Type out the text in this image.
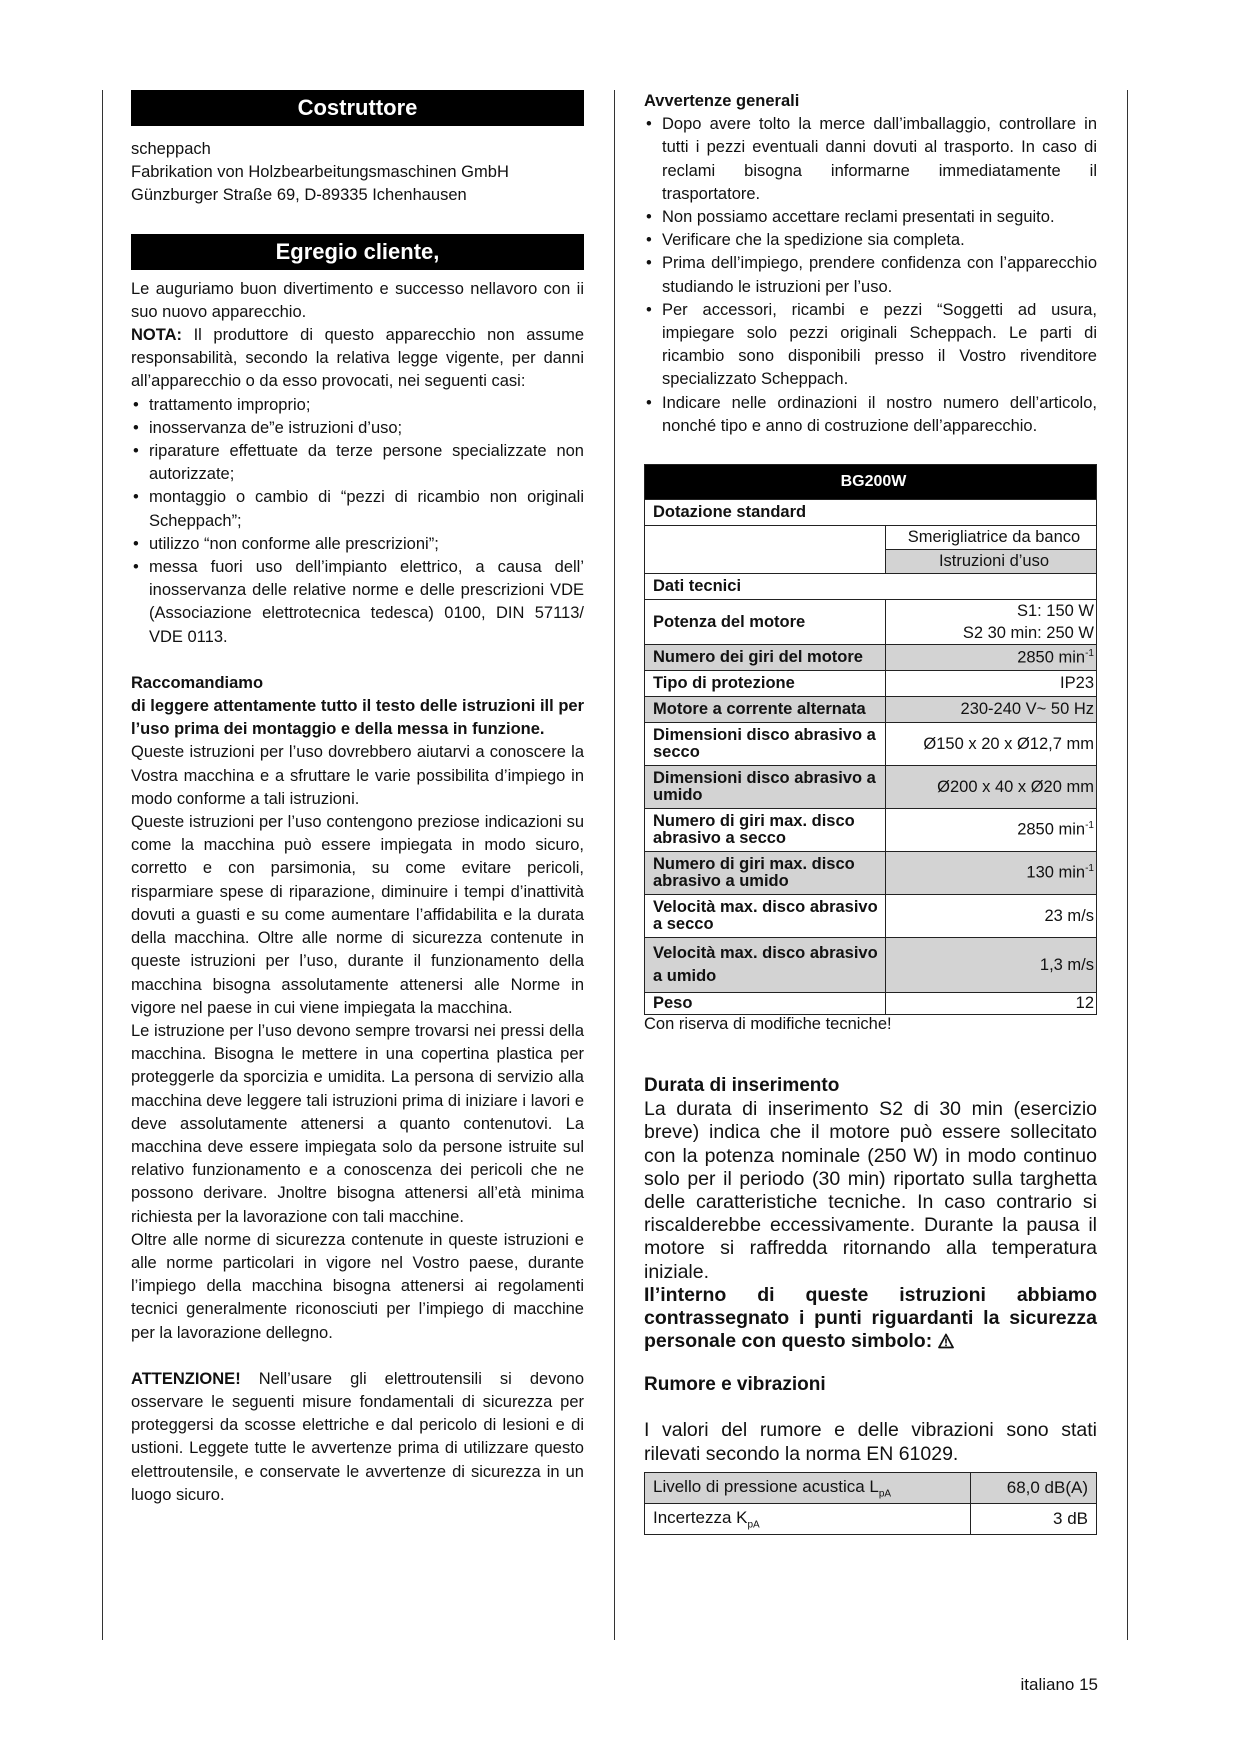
Costruttore

scheppach

Fabrikation von Holzbearbeitungsmaschinen GmbH

Günzburger Straße 69, D-89335 Ichenhausen

Egregio cliente,

Le auguriamo buon divertimento e successo nellavoro con ii suo nuovo apparecchio.

NOTA: Il produttore di questo apparecchio non assume responsabilità, secondo la relativa legge vigente, per danni all’apparecchio o da esso provocati, nei seguenti casi:

• trattamento improprio;
• inosservanza de”e istruzioni d’uso;
• riparature effettuate da terze persone specializzate non autorizzate;
• montaggio o cambio di “pezzi di ricambio non originali Scheppach”;
• utilizzo “non conforme alle prescrizioni”;
• messa fuori uso dell’impianto elettrico, a causa dell’ inosservanza delle relative norme e delle prescrizioni VDE (Associazione elettrotecnica tedesca) 0100, DIN 57113/ VDE 0113.

Raccomandiamo

di leggere attentamente tutto il testo delle istruzioni ill per l’uso prima dei montaggio e della messa in funzione.

Queste istruzioni per l’uso dovrebbero aiutarvi a conoscere la Vostra macchina e a sfruttare le varie possibilita d’impiego in modo conforme a tali istruzioni.

Queste istruzioni per l’uso contengono preziose indicazioni su come la macchina può essere impiegata in modo sicuro, corretto e con parsimonia, su come evitare pericoli, risparmiare spese di riparazione, diminuire i tempi d’inattività dovuti a guasti e su come aumentare l’affidabilita e la durata della macchina. Oltre alle norme di sicurezza contenute in queste istruzioni per l’uso, durante il funzionamento della macchina bisogna assolutamente attenersi alle Norme in vigore nel paese in cui viene impiegata la macchina.

Le istruzione per l’uso devono sempre trovarsi nei pressi della macchina. Bisogna le mettere in una copertina plastica per proteggerle da sporcizia e umidita. La persona di servizio alla macchina deve leggere tali istruzioni prima di iniziare i lavori e deve assolutamente attenersi a quanto contenutovi. La macchina deve essere impiegata solo da persone istruite sul relativo funzionamento e a conoscenza dei pericoli che ne possono derivare. Jnoltre bisogna attenersi all’età minima richiesta per la lavorazione con tali macchine.

Oltre alle norme di sicurezza contenute in queste istruzioni e alle norme particolari in vigore nel Vostro paese, durante l’impiego della macchina bisogna attenersi ai regolamenti tecnici generalmente riconosciuti per l’impiego di macchine per la lavorazione dellegno.

ATTENZIONE! Nell’usare gli elettroutensili si devono osservare le seguenti misure fondamentali di sicurezza per proteggersi da scosse elettriche e dal pericolo di lesioni e di ustioni. Leggete tutte le avvertenze prima di utilizzare questo elettroutensile, e conservate le avvertenze di sicurezza in un luogo sicuro.

Avvertenze generali

• Dopo avere tolto la merce dall’imballaggio, controllare in tutti i pezzi eventuali danni dovuti al trasporto. In caso di reclami bisogna informarne immediatamente il trasportatore.
• Non possiamo accettare reclami presentati in seguito.
• Verificare che la spedizione sia completa.
• Prima dell’impiego, prendere confidenza con l’apparecchio studiando le istruzioni per l’uso.
• Per accessori, ricambi e pezzi “Soggetti ad usura, impiegare solo pezzi originali Scheppach. Le parti di ricambio sono disponibili presso il Vostro rivenditore specializzato Scheppach.
• Indicare nelle ordinazioni il nostro numero dell’articolo, nonché tipo e anno di costruzione dell’apparecchio.
BG200W	
Dotazione standard	
	Smerigliatrice da banco
	Istruzioni d’uso
Dati tecnici	
Potenza del motore	S1: 150 W
S2 30 min: 250 W

Numero dei giri del motore	2850 $\min^{-1}$
Tipo di protezione	IP23
Motore a corrente alternata	230-240 V~ 50 Hz
Dimensioni disco abrasivo a secco	Ø150 x 20 x Ø12,7 mm
Dimensioni disco abrasivo a umido	Ø200 x 40 x Ø20 mm
Numero di giri max. disco abrasivo a secco	2850 $\min^{-1}$
Numero di giri max. disco abrasivo a umido	130 $\min^{-1}$
Velocità max. disco abrasivo a secco	23 m/s
Velocità max. disco abrasivo a umido	1,3 m/s
Peso	12

Con riserva di modifiche tecniche!

Durata di inserimento

La durata di inserimento S2 di 30 min (esercizio breve) indica che il motore può essere sollecitato con la potenza nominale (250 W) in modo continuo solo per il periodo (30 min) riportato sulla targhetta delle caratteristiche tecniche. In caso contrario si riscalderebbe eccessivamente. Durante la pausa il motore si raffredda ritornando alla temperatura iniziale.

Il’interno di queste istruzioni abbiamo contrassegnato i punti riguardanti la sicurezza personale con questo simbolo:

Rumore e vibrazioni

I valori del rumore e delle vibrazioni sono stati rilevati secondo la norma EN 61029.

Livello di pressione acustica $L_{pA}$	68,0 dB(A)
Incertezza $K_{pA}$	3 dB
italiano 15
